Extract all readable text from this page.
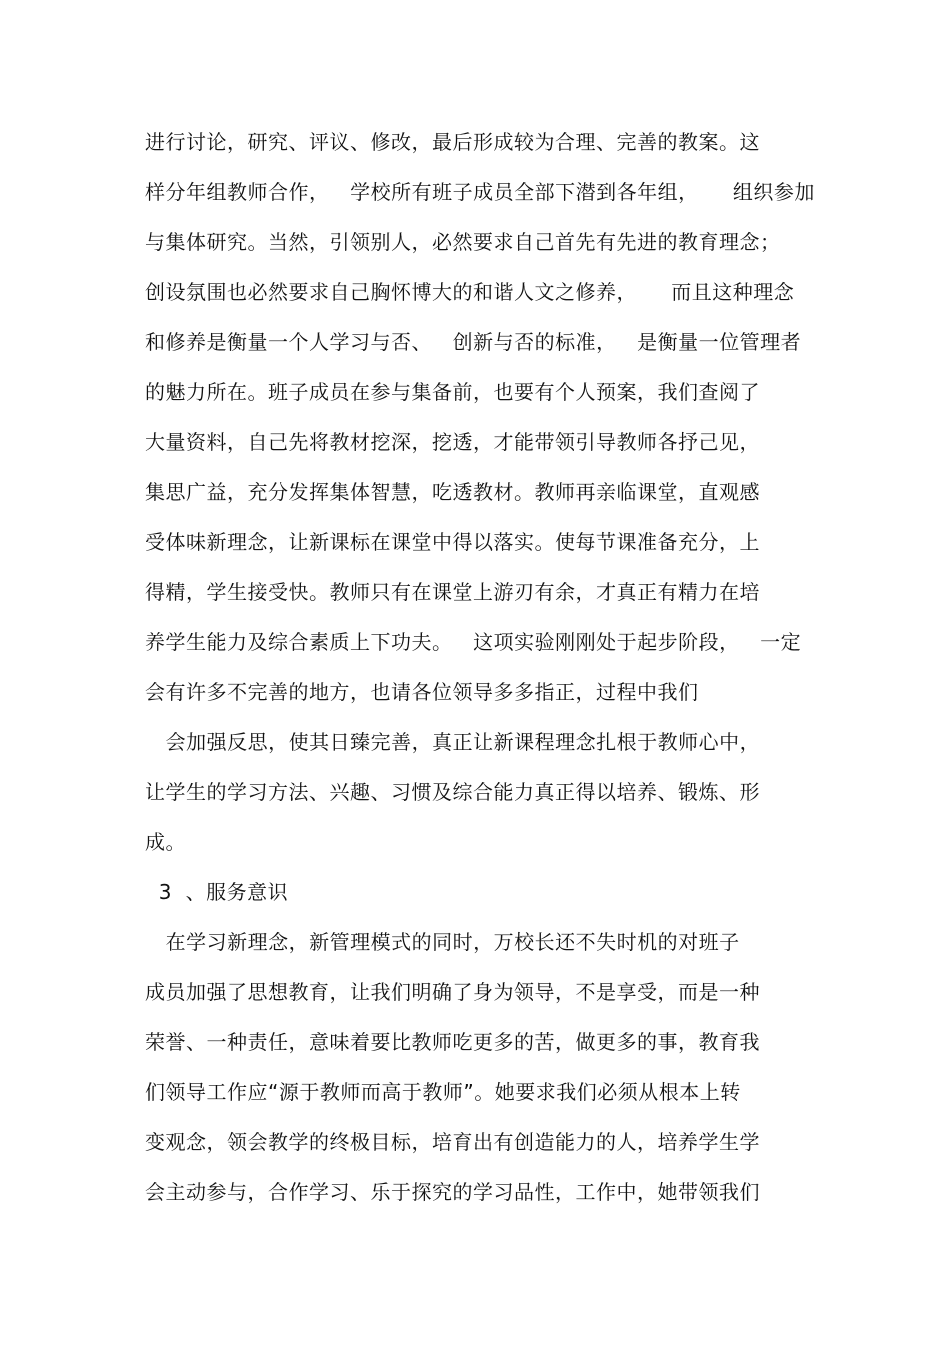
进行讨论，研究、评议、修改，最后形成较为合理、完善的教案。这
样分年组教师合作，   学校所有班子成员全部下潜到各年组，     组织参加
与集体研究。当然，引领别人，必然要求自己首先有先进的教育理念；
创设氛围也必然要求自己胸怀博大的和谐人文之修养，     而且这种理念
和修养是衡量一个人学习与否、   创新与否的标准，   是衡量一位管理者
的魅力所在。班子成员在参与集备前，也要有个人预案，我们查阅了
大量资料，自己先将教材挖深，挖透，才能带领引导教师各抒己见，
集思广益，充分发挥集体智慧，吃透教材。教师再亲临课堂，直观感
受体味新理念，让新课标在课堂中得以落实。使每节课准备充分，上
得精，学生接受快。教师只有在课堂上游刃有余，才真正有精力在培
养学生能力及综合素质上下功夫。   这项实验刚刚处于起步阶段，   一定
会有许多不完善的地方，也请各位领导多多指正，过程中我们
会加强反思，使其日臻完善，真正让新课程理念扎根于教师心中，
让学生的学习方法、兴趣、习惯及综合能力真正得以培养、锻炼、形
成。
3  、服务意识
在学习新理念，新管理模式的同时，万校长还不失时机的对班子
成员加强了思想教育，让我们明确了身为领导，不是享受，而是一种
荣誉、一种责任，意味着要比教师吃更多的苦，做更多的事，教育我
们领导工作应“源于教师而高于教师”。她要求我们必须从根本上转
变观念，领会教学的终极目标，培育出有创造能力的人，培养学生学
会主动参与，合作学习、乐于探究的学习品性，工作中，她带领我们
